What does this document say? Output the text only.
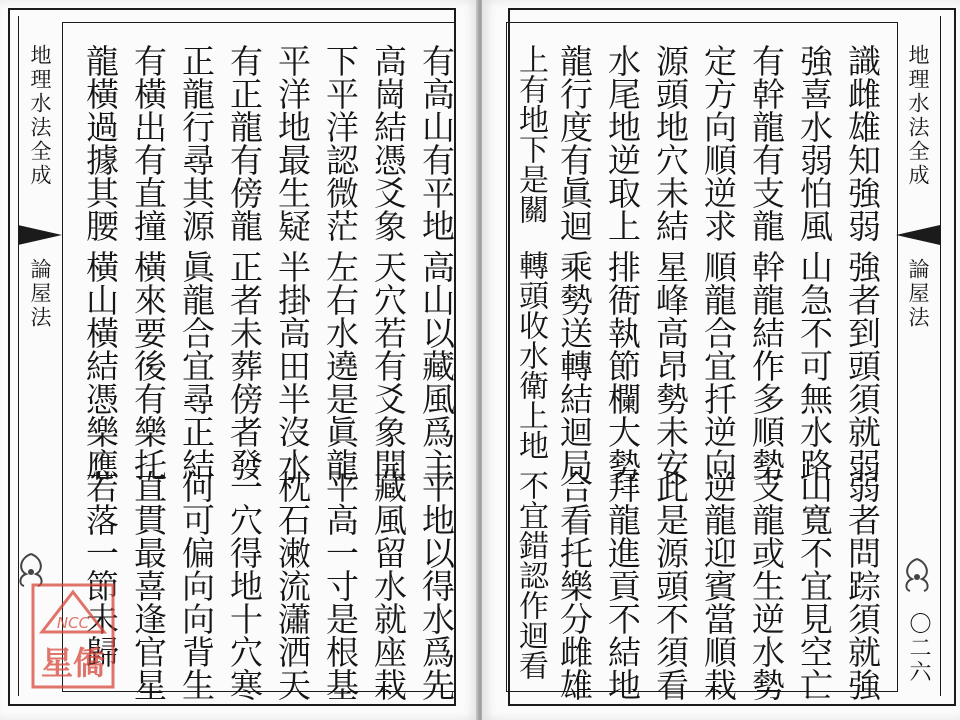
地理水法全成
論屋法
有高山有平地
高山以藏風爲主
平地以得水爲先
高崗結憑爻象
天穴若有爻象開
藏風留水就座栽
下平洋認微茫
左右水遶是眞龍
平高一寸是根基
平洋地最生疑
半掛高田半沒水
枕石潄流瀟洒天
有正龍有傍龍
正者未葬傍者發
一穴得地十穴寒
正龍行尋其源
眞龍合宜尋正結
何可偏向向背生
有橫出有直撞
橫來要後有樂托
直貫最喜逢官星
龍橫過據其腰
橫山橫結憑樂應
若落一節未歸
NCC
星僑
地理水法全成
論屋法
〇二六
識雌雄知強弱
強者到頭須就弱
弱者問踪須就強
強喜水弱怕風
山急不可無水路
山寬不宜見空亡
有幹龍有支龍
幹龍結作多順勢
支龍或生逆水勢
定方向順逆求
順龍合宜扦逆向
逆龍迎賓當順栽
源頭地穴未結
星峰高昂勢未安
此是源頭不須看
水尾地逆取上
排衙執節欄大勢
拜龍進貢不結地
龍行度有眞迴
乘勢送轉結迴局
合看托樂分雌雄
上有地下是關
轉頭收水衛上地
不宜錯認作迴看
